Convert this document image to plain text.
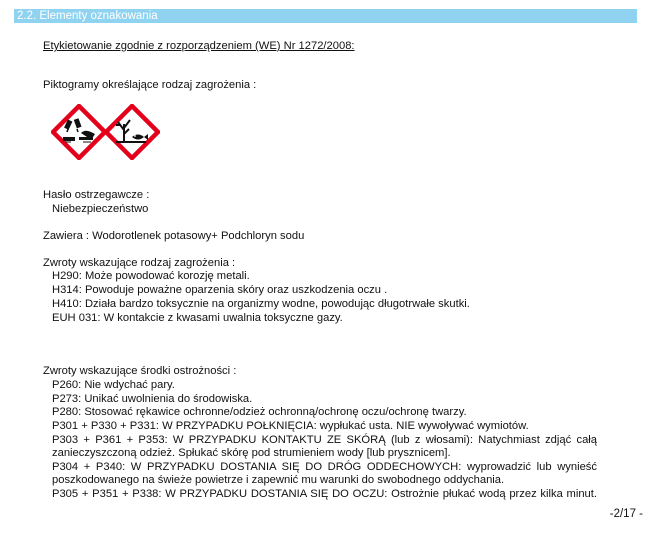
2.2. Elementy oznakowania
Etykietowanie zgodnie z rozporządzeniem (WE) Nr 1272/2008:
Piktogramy określające rodzaj zagrożenia :
Hasło ostrzegawcze :
Niebezpieczeństwo
Zawiera : Wodorotlenek potasowy+ Podchloryn sodu
Zwroty wskazujące rodzaj zagrożenia :
H290: Może powodować korozję metali.
H314: Powoduje poważne oparzenia skóry oraz uszkodzenia oczu .
H410: Działa bardzo toksycznie na organizmy wodne, powodując długotrwałe skutki.
EUH 031: W kontakcie z kwasami uwalnia toksyczne gazy.
Zwroty wskazujące środki ostrożności :
P260: Nie wdychać pary.
P273: Unikać uwolnienia do środowiska.
P280: Stosować rękawice ochronne/odzież ochronną/ochronę oczu/ochronę twarzy.
P301 + P330 + P331: W PRZYPADKU POŁKNIĘCIA: wypłukać usta. NIE wywoływać wymiotów.
P303 + P361 + P353: W PRZYPADKU KONTAKTU ZE SKÓRĄ (lub z włosami): Natychmiast zdjąć całą
zanieczyszczoną odzież. Spłukać skórę pod strumieniem wody [lub prysznicem].
P304 + P340: W PRZYPADKU DOSTANIA SIĘ DO DRÓG ODDECHOWYCH: wyprowadzić lub wynieść
poszkodowanego na świeże powietrze i zapewnić mu warunki do swobodnego oddychania.
P305 + P351 + P338: W PRZYPADKU DOSTANIA SIĘ DO OCZU: Ostrożnie płukać wodą przez kilka minut.
-2/17 -
